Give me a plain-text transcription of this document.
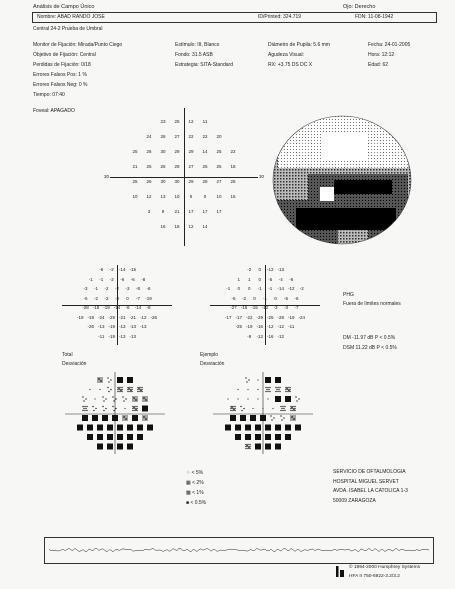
Análisis de Campo Único	Ojo: Derecho
Nombre: ABAD RANDO JOSE	ID/Printed: 324.719	FDN: 11-08-1942
Central 24-2 Prueba de Umbral
Monitor de Fijación: Mirada/Punto Ciego
Objetivo de Fijación: Central
Perdidas de Fijación: 0/18
Errores Falsos Pos: 1 %
Errores Falsos Neg: 0 %
Tiempo: 07:40
Foveal: APAGADO
Estímulo: III, Blanco
Fondo: 31.5 ASB
Estrategia: SITA-Standard
Diámetro de Pupila: 5.6 mm
Agudeza Visual:
RX: +3.75 DS DC X
Fecha: 24-01-2005
Hora: 12:12
Edad: 62
23	25	12	11
24	26	27	22	22	20
25	26	30	29	29	14	25	22
21	25	26	29	27	25	25	18
25	26	30	30	29	28	27	26
10	12	13	10	5	0	10	15
3	9	21	17	17	17
16	18	12	14
30	30
-6	-2	-14 -15
-1	-1	-2	-6	-6	-8
-3	-1	-2	-2	-3	-8	-6
-5	-2	-2	-3	0	-7	-19
-28 -18 -19 -14	-6	-14	-8
-19 -19 -24 -29 -21 -21 -12 -26
-26 -13 -19 -13 -13 -13
-11 -19 -13 -13
-2	0	-12 -13
1	1	0	-5	-4	-6
-1	0	0	-1	-1	-14 -12	-2
-6	-2	0	-1	0	-5	-6
-27 -15 -15 -12	-3	-3	-7
-17 -17 -22 -29 -25 -28 -19 -24
-25 -19 -16 -12 -12 -11
-9	-12 -16 -12
PHG
Fuera de límites normales
DM -11.97 dB P < 0.5%
DSM 11.22 dB P < 0.5%
Total
Desviación
Ejemplo
Desviación
⁘ < 5%
▦ < 2%
▩ < 1%
■ < 0.5%
SERVICIO DE OFTALMOLOGIA
HOSPITAL MIGUEL SERVET
AVDA. ISABEL LA CATOLICA 1-3
50009 ZARAGOZA
© 1994-2000 Humphrey Systems
HFA II 750-6922-3.2/3.2
